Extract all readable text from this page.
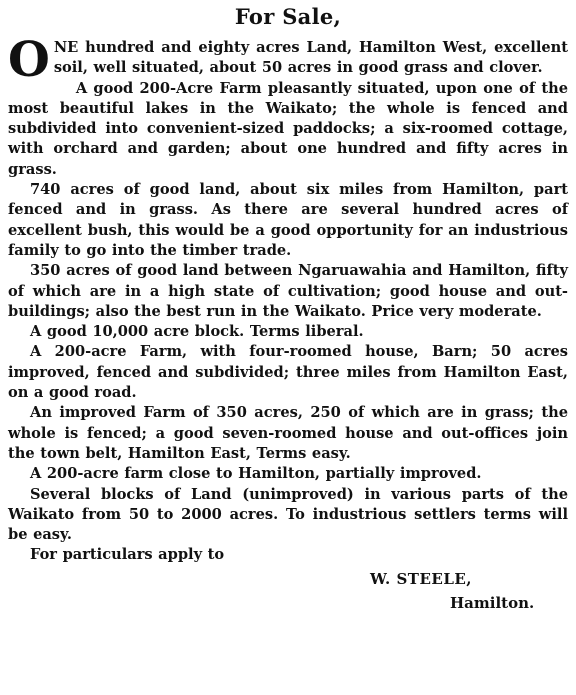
For Sale,

ONE hundred and eighty acres Land, Hamilton West, excellent soil, well situated, about 50 acres in good grass and clover.

A good 200-Acre Farm pleasantly situated, upon one of the most beautiful lakes in the Waikato; the whole is fenced and subdivided into convenient-sized paddocks; a six-roomed cottage, with orchard and garden; about one hundred and fifty acres in grass.

740 acres of good land, about six miles from Hamilton, part fenced and in grass. As there are several hundred acres of excellent bush, this would be a good opportunity for an industrious family to go into the timber trade.

350 acres of good land between Ngaruawahia and Hamilton, fifty of which are in a high state of cultivation; good house and out-buildings; also the best run in the Waikato. Price very moderate.

A good 10,000 acre block. Terms liberal.

A 200-acre Farm, with four-roomed house, Barn; 50 acres improved, fenced and subdivided; three miles from Hamilton East, on a good road.

An improved Farm of 350 acres, 250 of which are in grass; the whole is fenced; a good seven-roomed house and out-offices join the town belt, Hamilton East, Terms easy.

A 200-acre farm close to Hamilton, partially improved.

Several blocks of Land (unimproved) in various parts of the Waikato from 50 to 2000 acres. To industrious settlers terms will be easy.

For particulars apply to

W. STEELE,
Hamilton.
